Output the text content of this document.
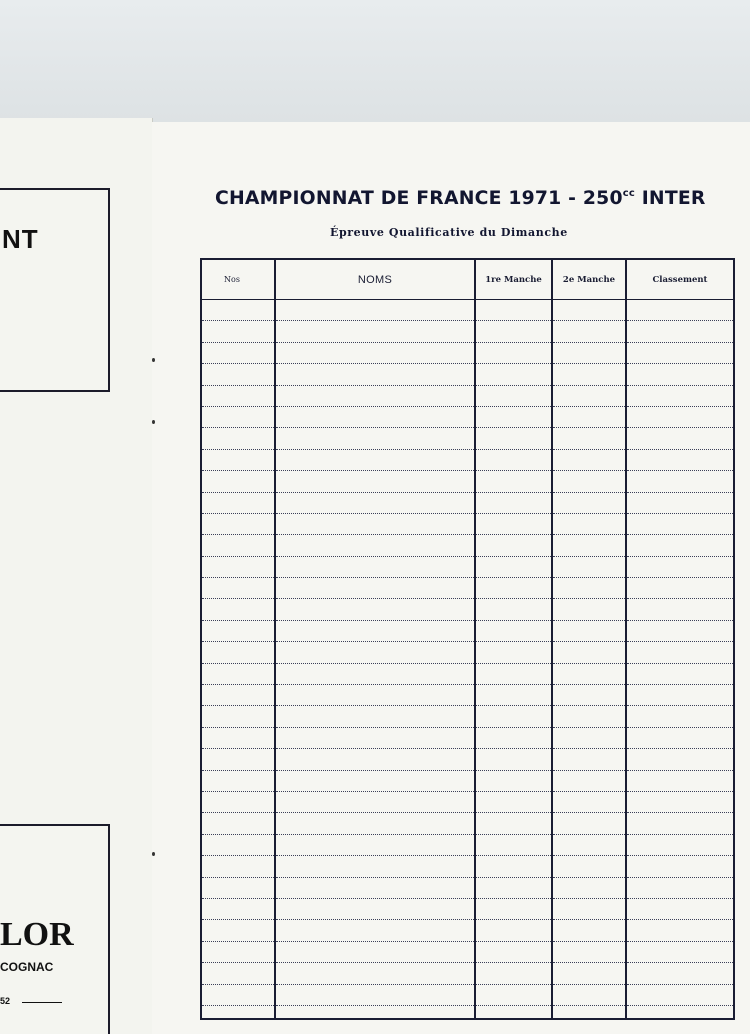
NT
LOR
COGNAC
52
CHAMPIONNAT DE FRANCE $1971 - 250^{cc}$ INTER
Épreuve Qualificative du Dimanche
Nos	NOMS	1re Manche	2e Manche	Classement
